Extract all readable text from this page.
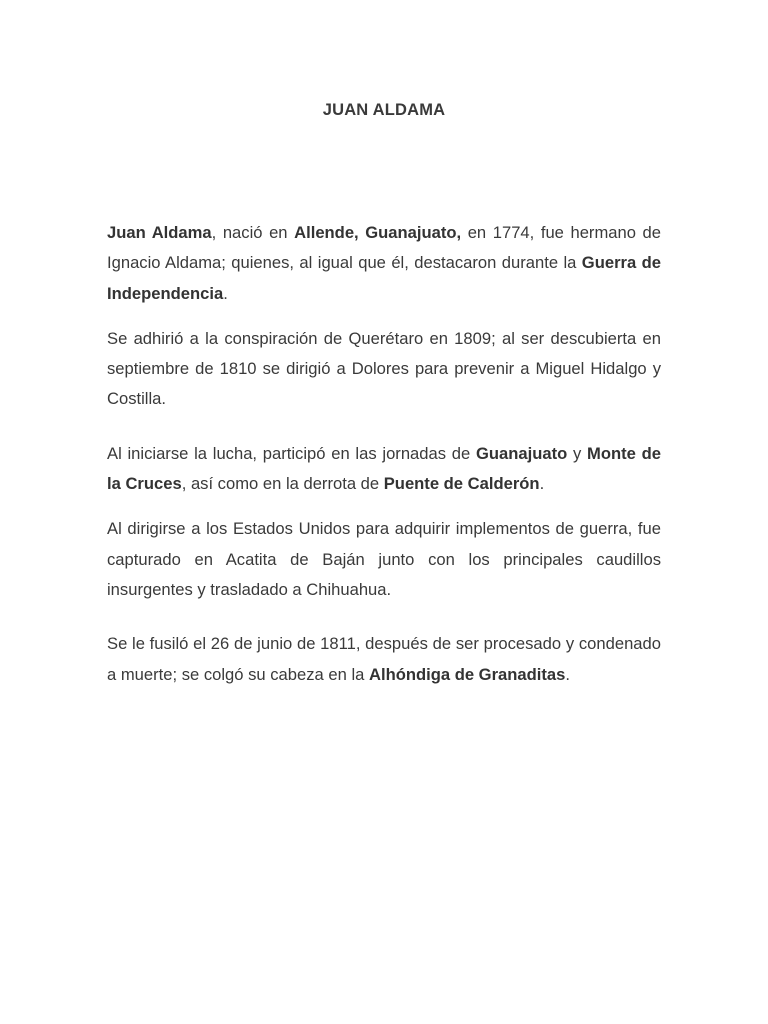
JUAN ALDAMA

Juan Aldama, nació en Allende, Guanajuato, en 1774, fue hermano de Ignacio Aldama; quienes, al igual que él, destacaron durante la Guerra de Independencia.

Se adhirió a la conspiración de Querétaro en 1809; al ser descubierta en septiembre de 1810 se dirigió a Dolores para prevenir a Miguel Hidalgo y Costilla.

Al iniciarse la lucha, participó en las jornadas de Guanajuato y Monte de la Cruces, así como en la derrota de Puente de Calderón.

Al dirigirse a los Estados Unidos para adquirir implementos de guerra, fue capturado en Acatita de Baján junto con los principales caudillos insurgentes y trasladado a Chihuahua.

Se le fusiló el 26 de junio de 1811, después de ser procesado y condenado a muerte; se colgó su cabeza en la Alhóndiga de Granaditas.
